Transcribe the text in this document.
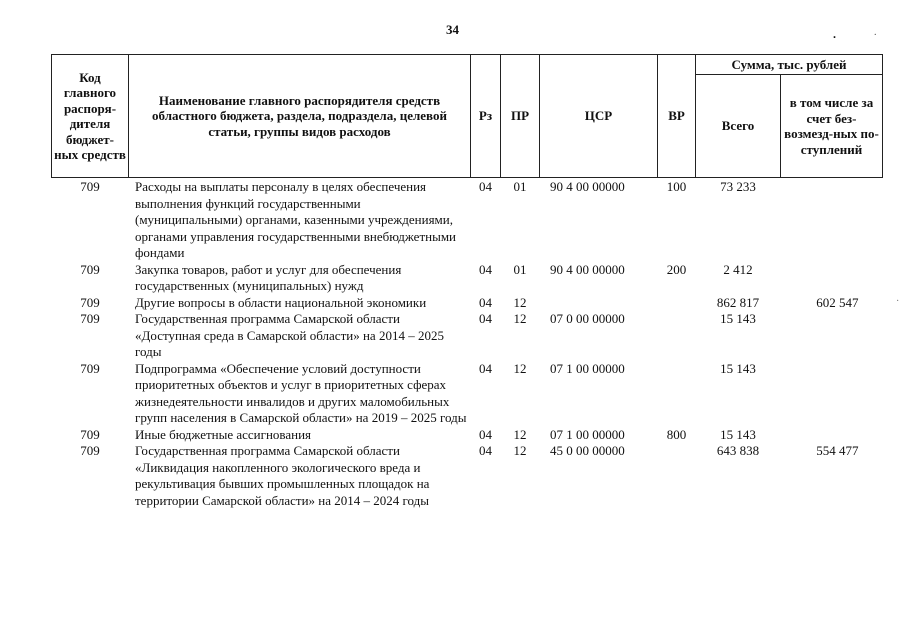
34	.	.
Код главного распоря-дителя бюджет-ных средств	Наименование главного распорядителя средств областного бюджета, раздела, подраздела, целевой статьи, группы видов расходов	Рз	ПР	ЦСР	ВР	Сумма, тыс. рублей	
						Всего	в том числе за счет без-возмезд-ных по-ступлений
709	Расходы на выплаты персоналу в целях обеспечения выполнения функций государственными (муниципальными) органами, казенными учреждениями, органами управления государственными внебюджетными фондами	04	01	90 4 00 00000	100	73 233	
709	Закупка товаров, работ и услуг для обеспечения государственных (муниципальных) нужд	04	01	90 4 00 00000	200	2 412	
709	Другие вопросы в области национальной экономики	04	12			862 817	602 547
709	Государственная программа Самарской области «Доступная среда в Самарской области» на 2014 – 2025 годы	04	12	07 0 00 00000		15 143	
709	Подпрограмма «Обеспечение условий доступности приоритетных объектов и услуг в приоритетных сферах жизнедеятельности инвалидов и других маломобильных групп населения в Самарской области» на 2019 – 2025 годы	04	12	07 1 00 00000		15 143	
709	Иные бюджетные ассигнования	04	12	07 1 00 00000	800	15 143	
709	Государственная программа Самарской области «Ликвидация накопленного экологического вреда и рекультивация бывших промышленных площадок на территории Самарской области» на 2014 – 2024 годы	04	12	45 0 00 00000		643 838	554 477
·
